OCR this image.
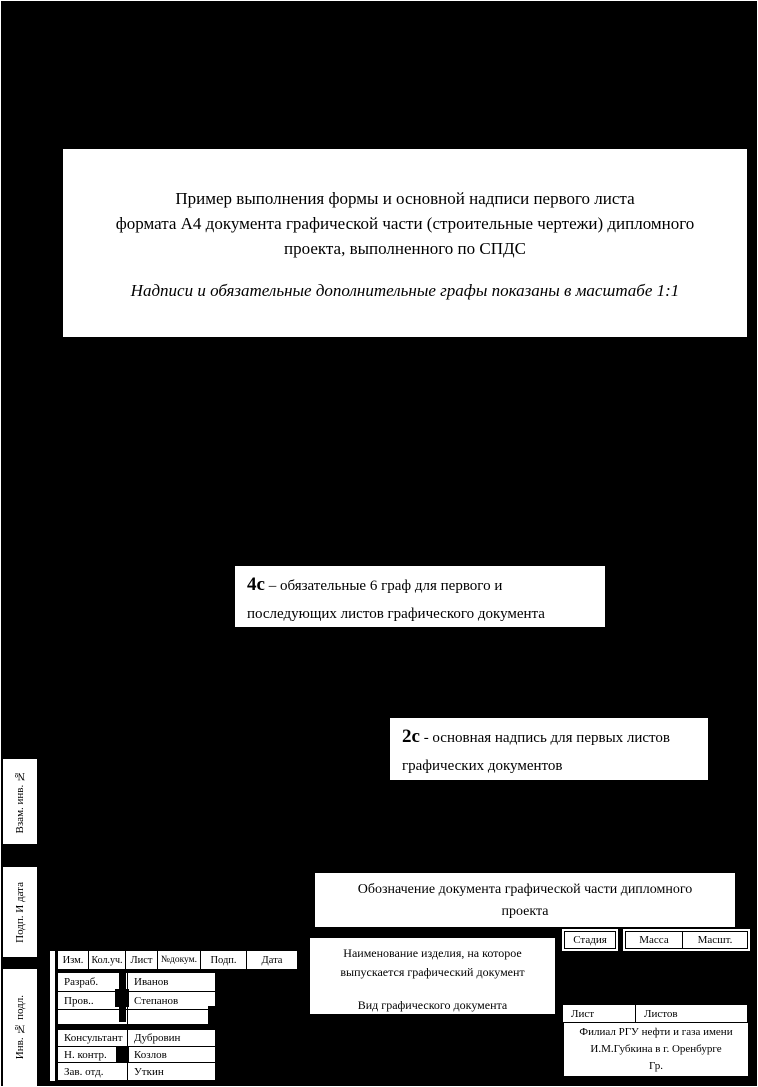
Пример выполнения формы и основной надписи первого листа
формата А4 документа графической части (строительные чертежи) дипломного
проекта, выполненного по СПДС
Надписи и обязательные дополнительные графы показаны в масштабе 1:1
4с – обязательные 6 граф для первого и
последующих листов графического документа
2с - основная надпись для первых листов
графических документов
Взам. инв. №
Подп. И дата
Инв. № подл.
Обозначение документа графической части дипломного
проекта
Наименование изделия, на которое
выпускается графический документ
Вид графического документа
Стадия	Масса	Масшт.
Лист	Листов
Филиал РГУ нефти и газа имени
И.М.Губкина в г. Оренбурге
Гр.
Изм. Кол.уч. Лист №докум.	Подп.	Дата
Разраб.	Иванов
Пров..	Степанов
Консультант	Дубровин
Н. контр.	Козлов
Зав. отд.	Уткин
